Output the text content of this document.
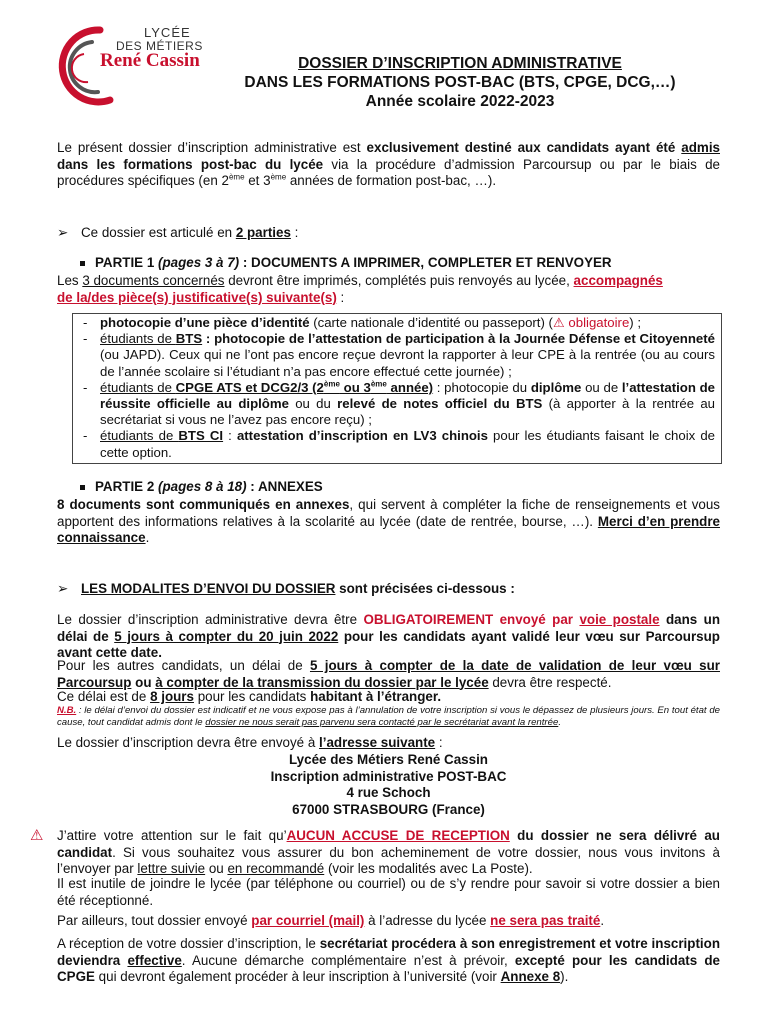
LYCÉE
DES MÉTIERS
René Cassin	DOSSIER D’INSCRIPTION ADMINISTRATIVE
DANS LES FORMATIONS POST-BAC (BTS, CPGE, DCG,…)
Année scolaire 2022-2023
Le présent dossier d’inscription administrative est exclusivement destiné aux candidats ayant été admis dans les formations post-bac du lycée via la procédure d’admission Parcoursup ou par le biais de procédures spécifiques (en 2ème et 3ème années de formation post-bac, …).
➢ Ce dossier est articulé en 2 parties :
PARTIE 1 (pages 3 à 7) : DOCUMENTS A IMPRIMER, COMPLETER ET RENVOYER
Les 3 documents concernés devront être imprimés, complétés puis renvoyés au lycée, accompagnés
de la/des pièce(s) justificative(s) suivante(s) :
- photocopie d’une pièce d’identité (carte nationale d’identité ou passeport) (⚠ obligatoire) ;
- étudiants de BTS : photocopie de l’attestation de participation à la Journée Défense et Citoyenneté (ou JAPD). Ceux qui ne l’ont pas encore reçue devront la rapporter à leur CPE à la rentrée (ou au cours de l’année scolaire si l’étudiant n’a pas encore effectué cette journée) ;
- étudiants de CPGE ATS et DCG2/3 (2ème ou 3ème année) : photocopie du diplôme ou de l’attestation de réussite officielle au diplôme ou du relevé de notes officiel du BTS (à apporter à la rentrée au secrétariat si vous ne l’avez pas encore reçu) ;
- étudiants de BTS CI : attestation d’inscription en LV3 chinois pour les étudiants faisant le choix de cette option.
PARTIE 2 (pages 8 à 18) : ANNEXES
8 documents sont communiqués en annexes, qui servent à compléter la fiche de renseignements et vous apportent des informations relatives à la scolarité au lycée (date de rentrée, bourse, …). Merci d’en prendre connaissance.
➢ LES MODALITES D’ENVOI DU DOSSIER sont précisées ci-dessous :
Le dossier d’inscription administrative devra être OBLIGATOIREMENT envoyé par voie postale dans un délai de 5 jours à compter du 20 juin 2022 pour les candidats ayant validé leur vœu sur Parcoursup avant cette date.
Pour les autres candidats, un délai de 5 jours à compter de la date de validation de leur vœu sur Parcoursup ou à compter de la transmission du dossier par le lycée devra être respecté.
Ce délai est de 8 jours pour les candidats habitant à l’étranger.
N.B. : le délai d’envoi du dossier est indicatif et ne vous expose pas à l’annulation de votre inscription si vous le dépassez de plusieurs jours. En tout état de cause, tout candidat admis dont le dossier ne nous serait pas parvenu sera contacté par le secrétariat avant la rentrée.
Le dossier d’inscription devra être envoyé à l’adresse suivante :
Lycée des Métiers René Cassin
Inscription administrative POST-BAC
4 rue Schoch
67000 STRASBOURG (France)
⚠ J’attire votre attention sur le fait qu’AUCUN ACCUSE DE RECEPTION du dossier ne sera délivré au candidat. Si vous souhaitez vous assurer du bon acheminement de votre dossier, nous vous invitons à l’envoyer par lettre suivie ou en recommandé (voir les modalités avec La Poste).
Il est inutile de joindre le lycée (par téléphone ou courriel) ou de s’y rendre pour savoir si votre dossier a bien été réceptionné.
Par ailleurs, tout dossier envoyé par courriel (mail) à l’adresse du lycée ne sera pas traité.
A réception de votre dossier d’inscription, le secrétariat procédera à son enregistrement et votre inscription deviendra effective. Aucune démarche complémentaire n’est à prévoir, excepté pour les candidats de CPGE qui devront également procéder à leur inscription à l’université (voir Annexe 8).
